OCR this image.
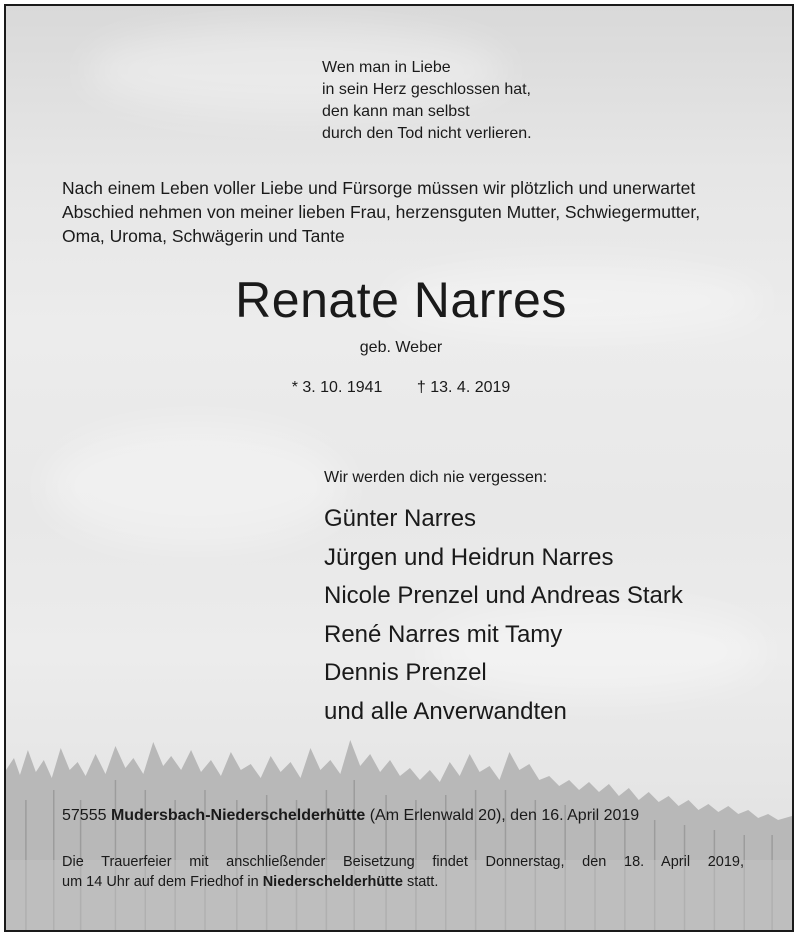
Wen man in Liebe
in sein Herz geschlossen hat,
den kann man selbst
durch den Tod nicht verlieren.
Nach einem Leben voller Liebe und Fürsorge müssen wir plötzlich und unerwartet
Abschied nehmen von meiner lieben Frau, herzensguten Mutter, Schwiegermutter,
Oma, Uroma, Schwägerin und Tante
Renate Narres
geb. Weber
* 3. 10. 1941 † 13. 4. 2019
Wir werden dich nie vergessen:
Günter Narres
Jürgen und Heidrun Narres
Nicole Prenzel und Andreas Stark
René Narres mit Tamy
Dennis Prenzel
und alle Anverwandten
57555 Mudersbach-Niederschelderhütte (Am Erlenwald 20), den 16. April 2019
Die Trauerfeier mit anschließender Beisetzung findet Donnerstag, den 18. April 2019,
um 14 Uhr auf dem Friedhof in Niederschelderhütte statt.
